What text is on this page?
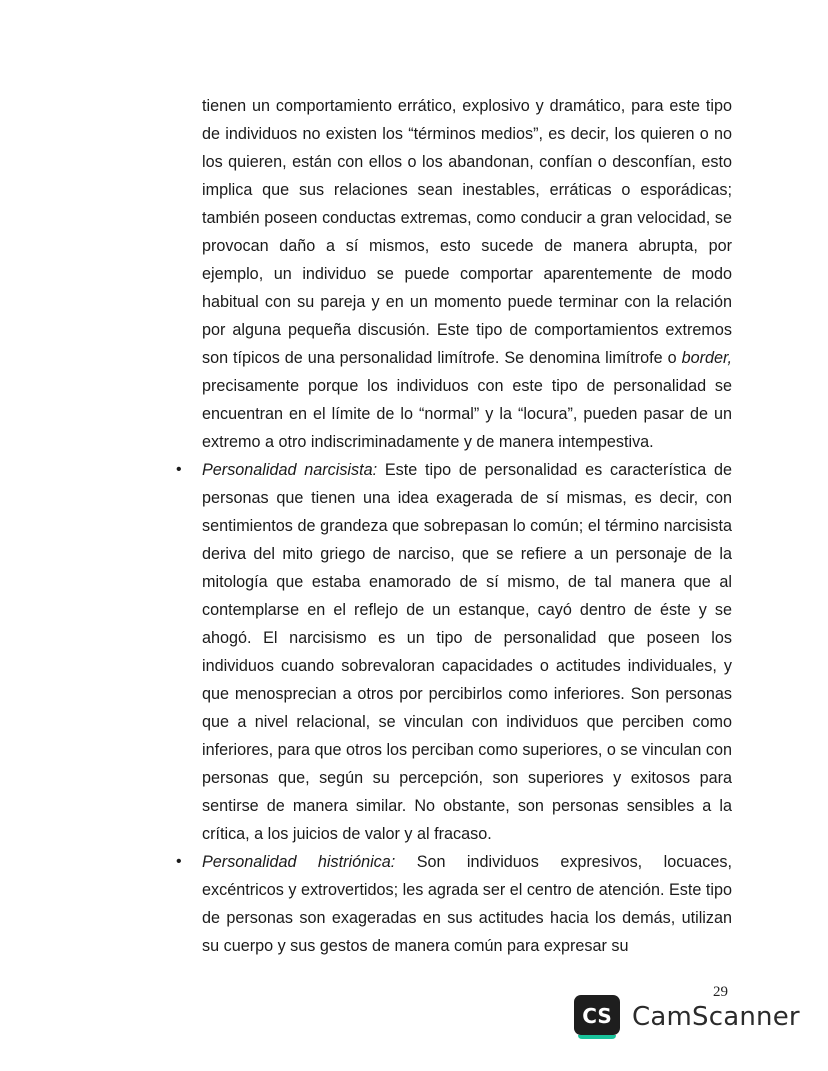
tienen un comportamiento errático, explosivo y dramático, para este tipo de individuos no existen los “términos medios”, es decir, los quieren o no los quieren, están con ellos o los abandonan, confían o desconfían, esto implica que sus relaciones sean inestables, erráticas o esporádicas; también poseen conductas extremas, como conducir a gran velocidad, se provocan daño a sí mismos, esto sucede de manera abrupta, por ejemplo, un individuo se puede comportar aparentemente de modo habitual con su pareja y en un momento puede terminar con la relación por alguna pequeña discusión. Este tipo de comportamientos extremos son típicos de una personalidad limítrofe. Se denomina limítrofe o border, precisamente porque los individuos con este tipo de personalidad se encuentran en el límite de lo “normal” y la “locura”, pueden pasar de un extremo a otro indiscriminadamente y de manera intempestiva.

• Personalidad narcisista: Este tipo de personalidad es característica de personas que tienen una idea exagerada de sí mismas, es decir, con sentimientos de grandeza que sobrepasan lo común; el término narcisista deriva del mito griego de narciso, que se refiere a un personaje de la mitología que estaba enamorado de sí mismo, de tal manera que al contemplarse en el reflejo de un estanque, cayó dentro de éste y se ahogó. El narcisismo es un tipo de personalidad que poseen los individuos cuando sobrevaloran capacidades o actitudes individuales, y que menosprecian a otros por percibirlos como inferiores. Son personas que a nivel relacional, se vinculan con individuos que perciben como inferiores, para que otros los perciban como superiores, o se vinculan con personas que, según su percepción, son superiores y exitosos para sentirse de manera similar. No obstante, son personas sensibles a la crítica, a los juicios de valor y al fracaso.

• Personalidad histriónica: Son individuos expresivos, locuaces, excéntricos y extrovertidos; les agrada ser el centro de atención. Este tipo de personas son exageradas en sus actitudes hacia los demás, utilizan su cuerpo y sus gestos de manera común para expresar su

29
CS CamScanner
